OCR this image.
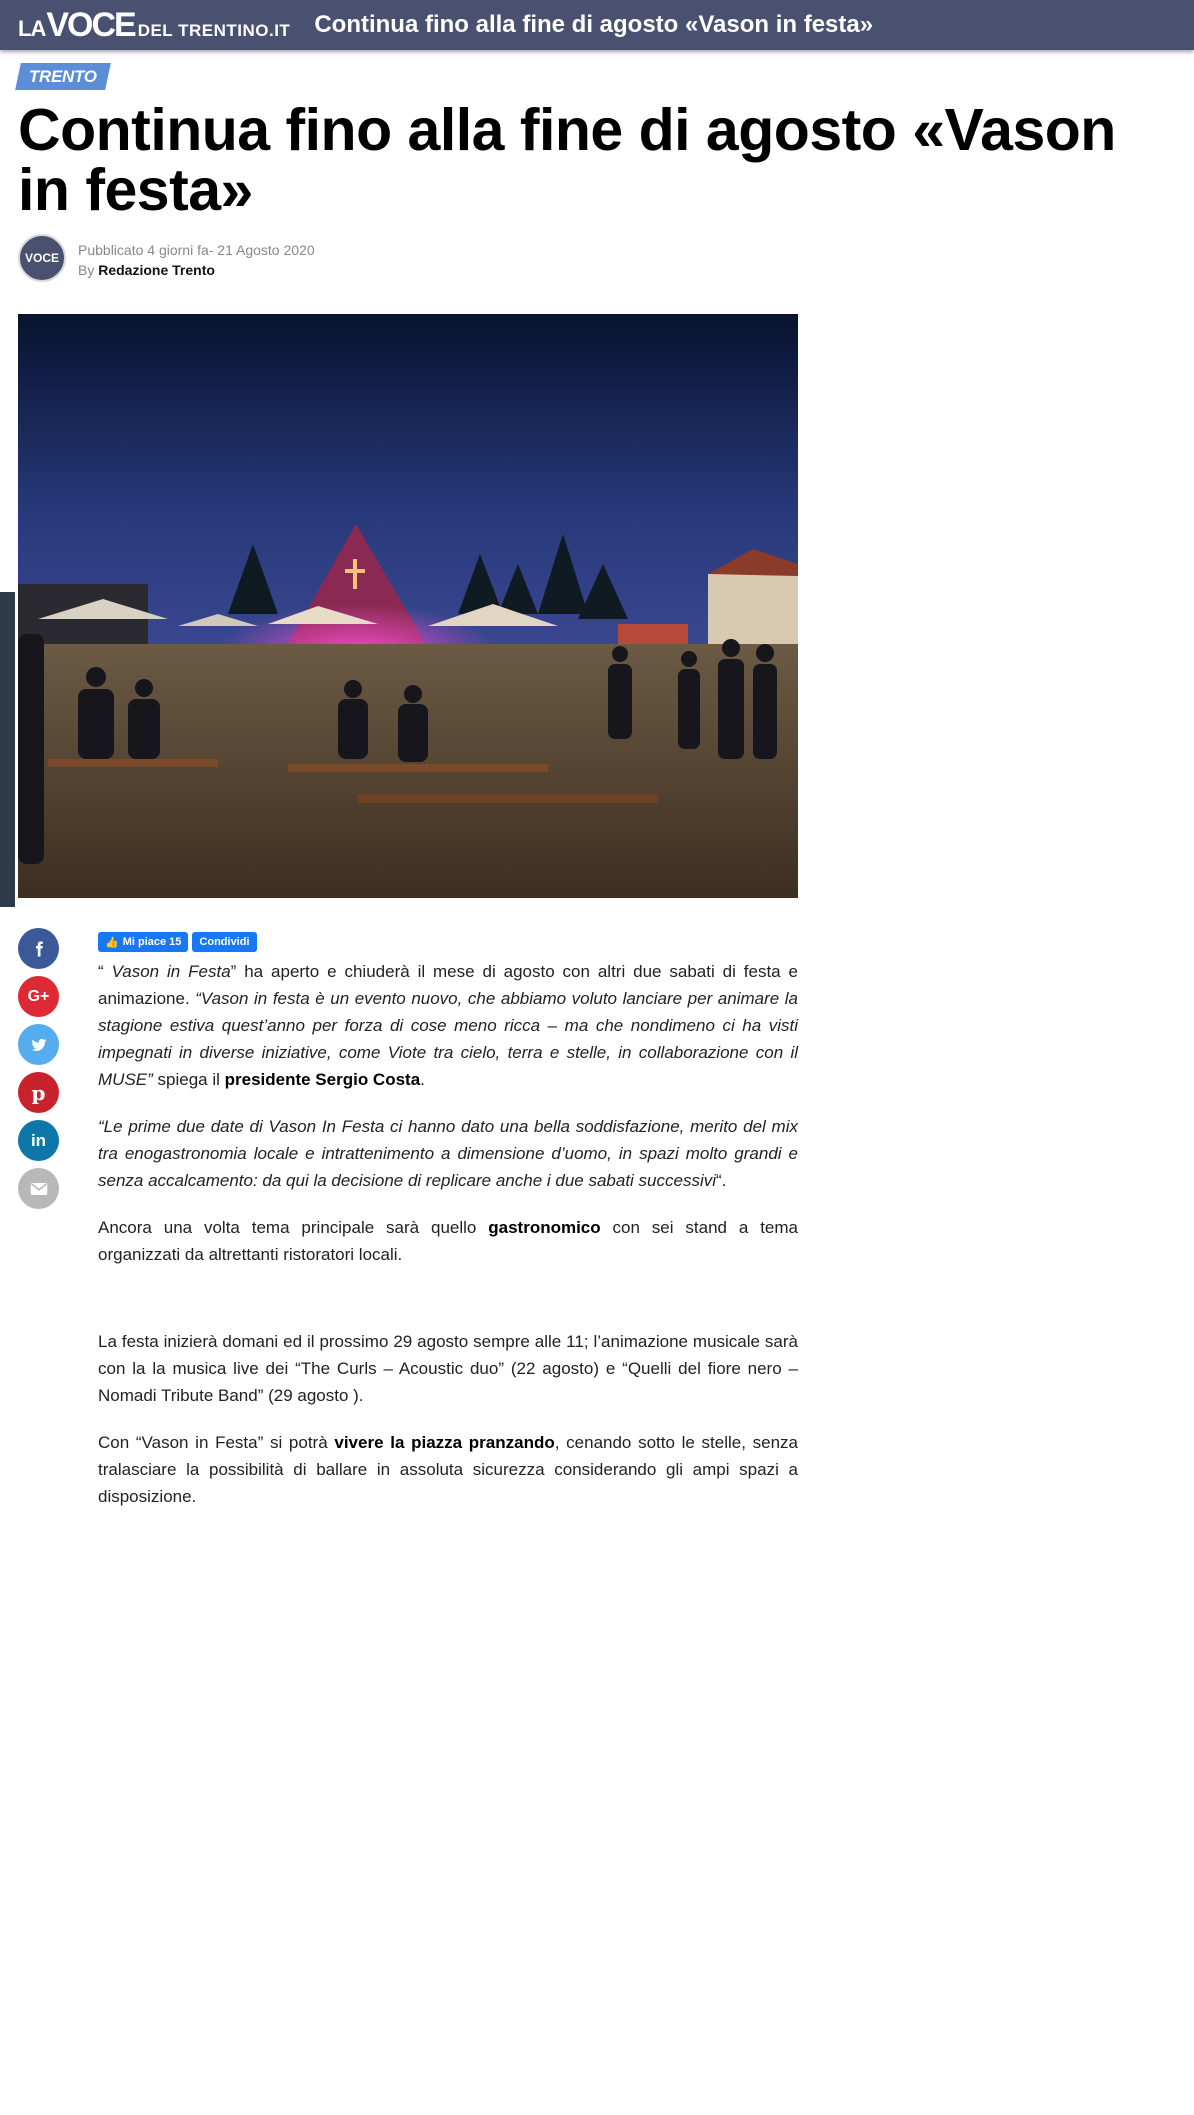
LA VOCE DEL TRENTINO.IT Continua fino alla fine di agosto «Vason in festa»
TRENTO
Continua fino alla fine di agosto «Vason in festa»
VOCE Pubblicato 4 giorni fa- 21 Agosto 2020
By Redazione Trento
G+
p
in
👍 Mi piace 15 Condividi

“ Vason in Festa” ha aperto e chiuderà il mese di agosto con altri due sabati di festa e animazione. “Vason in festa è un evento nuovo, che abbiamo voluto lanciare per animare la stagione estiva quest’anno per forza di cose meno ricca – ma che nondimeno ci ha visti impegnati in diverse iniziative, come Viote tra cielo, terra e stelle, in collaborazione con il MUSE” spiega il presidente Sergio Costa.

“Le prime due date di Vason In Festa ci hanno dato una bella soddisfazione, merito del mix tra enogastronomia locale e intrattenimento a dimensione d’uomo, in spazi molto grandi e senza accalcamento: da qui la decisione di replicare anche i due sabati successivi“.

Ancora una volta tema principale sarà quello gastronomico con sei stand a tema organizzati da altrettanti ristoratori locali.

La festa inizierà domani ed il prossimo 29 agosto sempre alle 11; l’animazione musicale sarà con la la musica live dei “The Curls – Acoustic duo” (22 agosto) e “Quelli del fiore nero – Nomadi Tribute Band” (29 agosto ).

Con “Vason in Festa” si potrà vivere la piazza pranzando, cenando sotto le stelle, senza tralasciare la possibilità di ballare in assoluta sicurezza considerando gli ampi spazi a disposizione.
